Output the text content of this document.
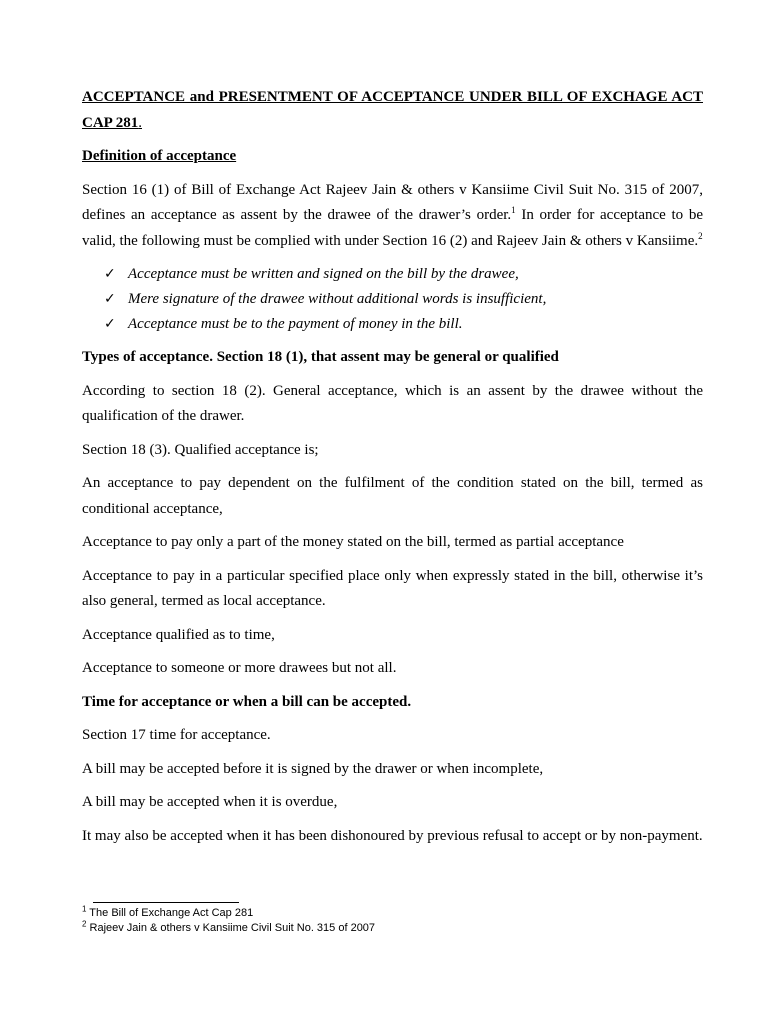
ACCEPTANCE and PRESENTMENT OF ACCEPTANCE UNDER BILL OF EXCHAGE ACT CAP 281.

Definition of acceptance

Section 16 (1) of Bill of Exchange Act Rajeev Jain & others v Kansiime Civil Suit No. 315 of 2007, defines an acceptance as assent by the drawee of the drawer’s order.$^1$ In order for acceptance to be valid, the following must be complied with under Section 16 (2) and Rajeev Jain & others v Kansiime.$^2$

✓ Acceptance must be written and signed on the bill by the drawee,
✓ Mere signature of the drawee without additional words is insufficient,
✓ Acceptance must be to the payment of money in the bill.

Types of acceptance. Section 18 (1), that assent may be general or qualified

According to section 18 (2). General acceptance, which is an assent by the drawee without the qualification of the drawer.

Section 18 (3). Qualified acceptance is;

An acceptance to pay dependent on the fulfilment of the condition stated on the bill, termed as conditional acceptance,

Acceptance to pay only a part of the money stated on the bill, termed as partial acceptance

Acceptance to pay in a particular specified place only when expressly stated in the bill, otherwise it’s also general, termed as local acceptance.

Acceptance qualified as to time,

Acceptance to someone or more drawees but not all.

Time for acceptance or when a bill can be accepted.

Section 17 time for acceptance.

A bill may be accepted before it is signed by the drawer or when incomplete,

A bill may be accepted when it is overdue,

It may also be accepted when it has been dishonoured by previous refusal to accept or by non-payment.

$^1$ The Bill of Exchange Act Cap 281
$^2$ Rajeev Jain & others v Kansiime Civil Suit No. 315 of 2007
